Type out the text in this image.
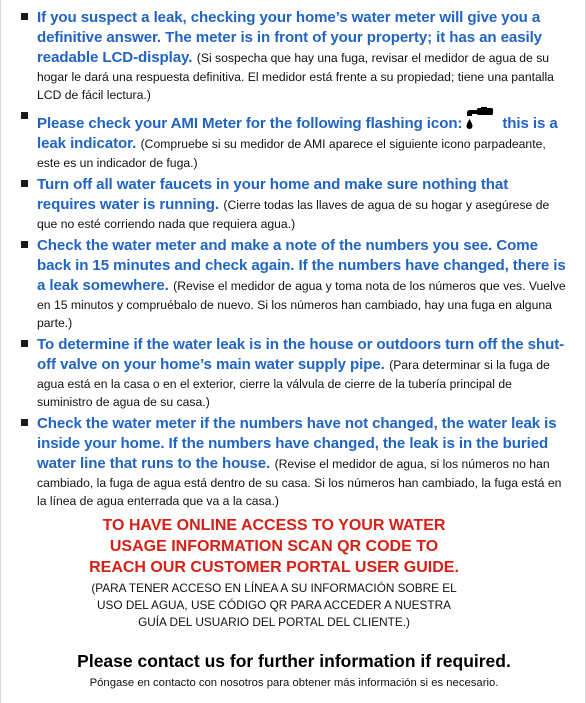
If you suspect a leak, checking your home’s water meter will give you a definitive answer. The meter is in front of your property; it has an easily readable LCD-display. (Si sospecha que hay una fuga, revisar el medidor de agua de su hogar le dará una respuesta definitiva. El medidor está frente a su propiedad; tiene una pantalla LCD de fácil lectura.)
Please check your AMI Meter for the following flashing icon:	this is a leak indicator. (Compruebe si su medidor de AMI aparece el siguiente icono parpadeante, este es un indicador de fuga.)
Turn off all water faucets in your home and make sure nothing that requires water is running. (Cierre todas las llaves de agua de su hogar y asegúrese de que no esté corriendo nada que requiera agua.)
Check the water meter and make a note of the numbers you see. Come back in 15 minutes and check again. If the numbers have changed, there is a leak somewhere. (Revise el medidor de agua y toma nota de los números que ves. Vuelve en 15 minutos y compruébalo de nuevo. Si los números han cambiado, hay una fuga en alguna parte.)
To determine if the water leak is in the house or outdoors turn off the shut-off valve on your home’s main water supply pipe. (Para determinar si la fuga de agua está en la casa o en el exterior, cierre la válvula de cierre de la tubería principal de suministro de agua de su casa.)
Check the water meter if the numbers have not changed, the water leak is inside your home. If the numbers have changed, the leak is in the buried water line that runs to the house. (Revise el medidor de agua, si los números no han cambiado, la fuga de agua está dentro de su casa. Si los números han cambiado, la fuga está en la línea de agua enterrada que va a la casa.)
TO HAVE ONLINE ACCESS TO YOUR WATER
USAGE INFORMATION SCAN QR CODE TO
REACH OUR CUSTOMER PORTAL USER GUIDE.
(PARA TENER ACCESO EN LÍNEA A SU INFORMACIÓN SOBRE EL
USO DEL AGUA, USE CÓDIGO QR PARA ACCEDER A NUESTRA
GUÍA DEL USUARIO DEL PORTAL DEL CLIENTE.)
Please contact us for further information if required.
Póngase en contacto con nosotros para obtener más información si es necesario.
